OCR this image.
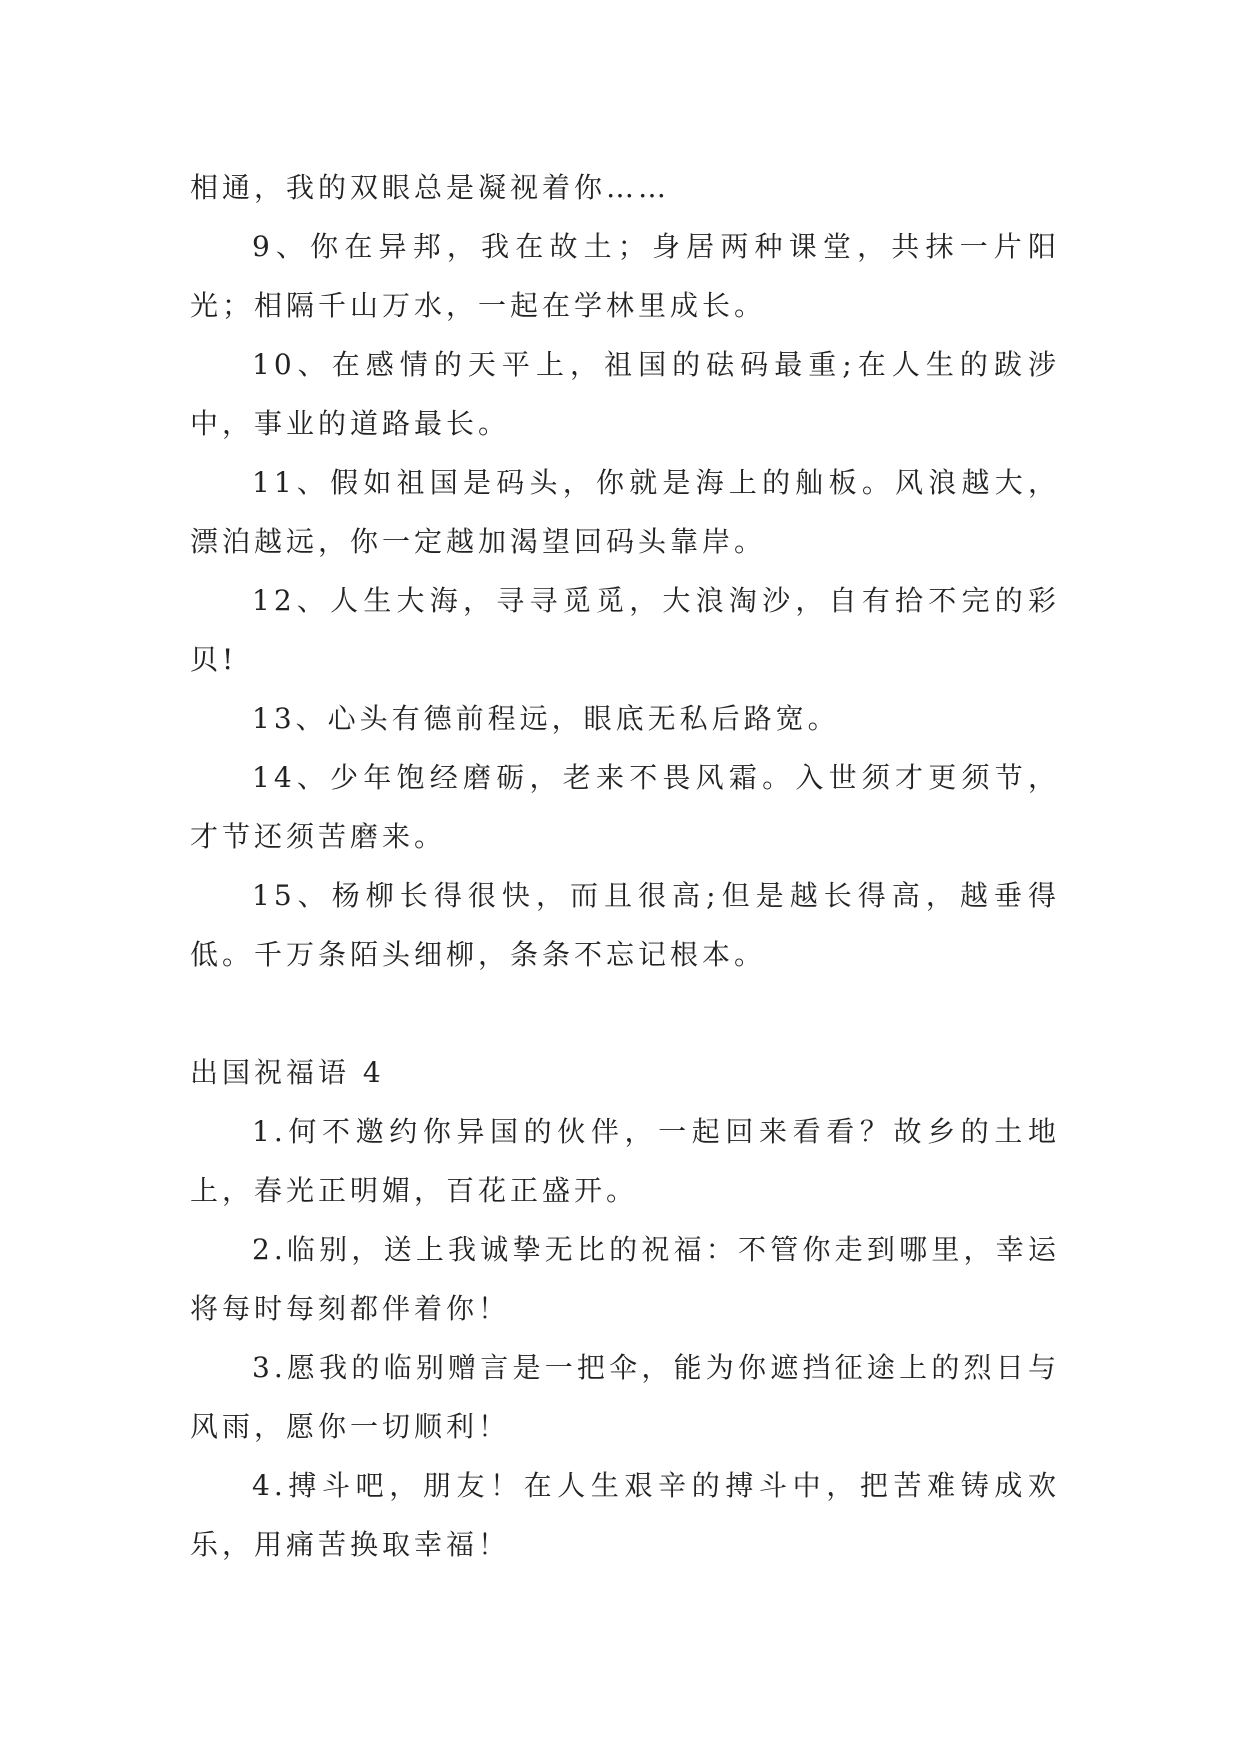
相通，我的双眼总是凝视着你……

9、你在异邦，我在故土；身居两种课堂，共抹一片阳光；相隔千山万水，一起在学林里成长。

10、在感情的天平上，祖国的砝码最重;在人生的跋涉中，事业的道路最长。

11、假如祖国是码头，你就是海上的舢板。风浪越大，漂泊越远，你一定越加渴望回码头靠岸。

12、人生大海，寻寻觅觅，大浪淘沙，自有拾不完的彩贝!

13、心头有德前程远，眼底无私后路宽。

14、少年饱经磨砺，老来不畏风霜。入世须才更须节，才节还须苦磨来。

15、杨柳长得很快，而且很高;但是越长得高，越垂得低。千万条陌头细柳，条条不忘记根本。

出国祝福语 4

1.何不邀约你异国的伙伴，一起回来看看？故乡的土地上，春光正明媚，百花正盛开。

2.临别，送上我诚挚无比的祝福：不管你走到哪里，幸运将每时每刻都伴着你！

3.愿我的临别赠言是一把伞，能为你遮挡征途上的烈日与风雨，愿你一切顺利！

4.搏斗吧，朋友！在人生艰辛的搏斗中，把苦难铸成欢乐，用痛苦换取幸福！
